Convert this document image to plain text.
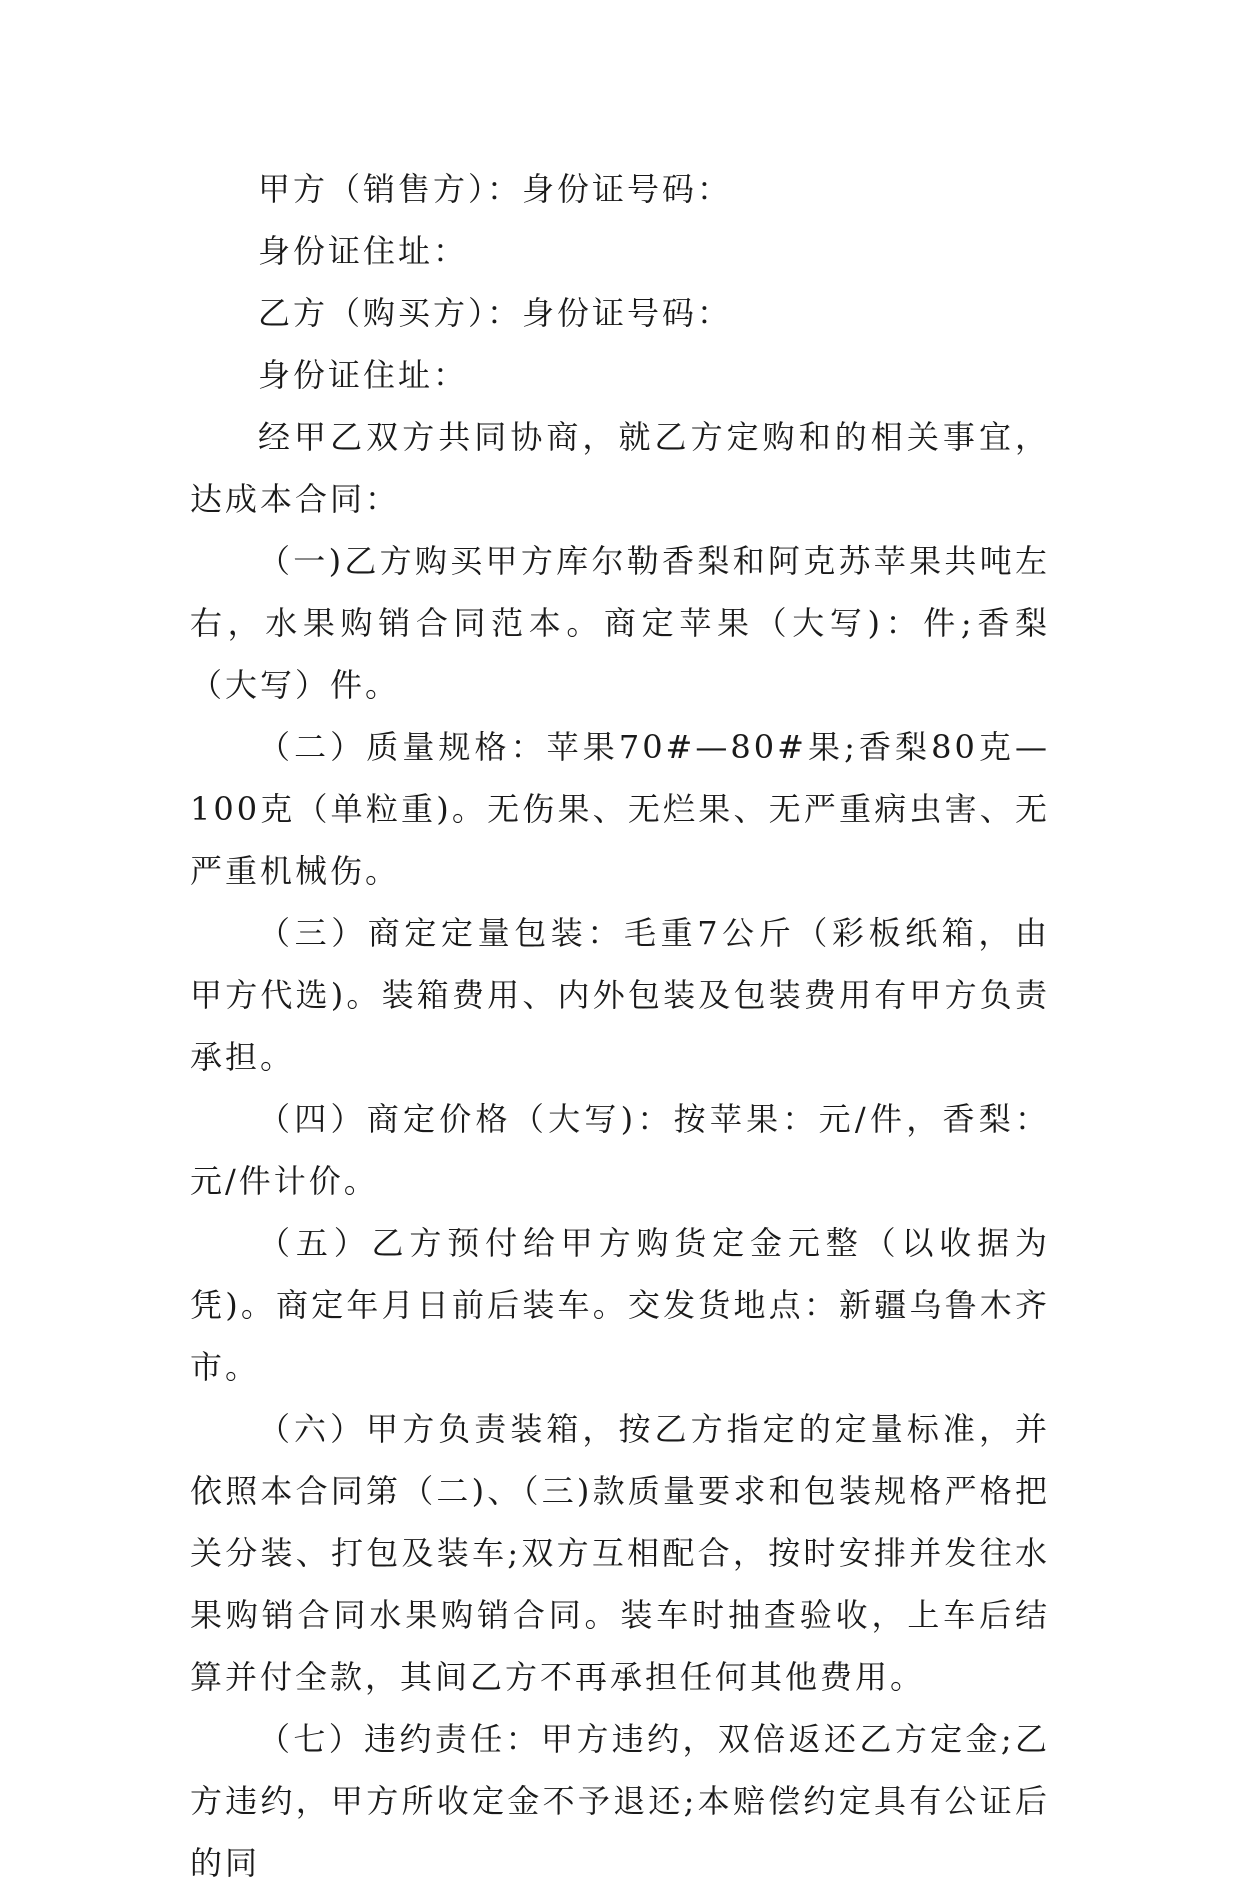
甲方（销售方）：身份证号码：

身份证住址：

乙方（购买方）：身份证号码：

身份证住址：

经甲乙双方共同协商，就乙方定购和的相关事宜，达成本合同：

（一)乙方购买甲方库尔勒香梨和阿克苏苹果共吨左右，水果购销合同范本。商定苹果（大写)：件;香梨（大写）件。

（二）质量规格：苹果70#—80#果;香梨80克—100克（单粒重)。无伤果、无烂果、无严重病虫害、无严重机械伤。

（三）商定定量包装：毛重7公斤（彩板纸箱，由甲方代选)。装箱费用、内外包装及包装费用有甲方负责承担。

（四）商定价格（大写)：按苹果：元/件，香梨：元/件计价。

（五）乙方预付给甲方购货定金元整（以收据为凭)。商定年月日前后装车。交发货地点：新疆乌鲁木齐市。

（六）甲方负责装箱，按乙方指定的定量标准，并依照本合同第（二)、（三)款质量要求和包装规格严格把关分装、打包及装车;双方互相配合，按时安排并发往水果购销合同水果购销合同。装车时抽查验收，上车后结算并付全款，其间乙方不再承担任何其他费用。

（七）违约责任：甲方违约，双倍返还乙方定金;乙方违约，甲方所收定金不予退还;本赔偿约定具有公证后的同
